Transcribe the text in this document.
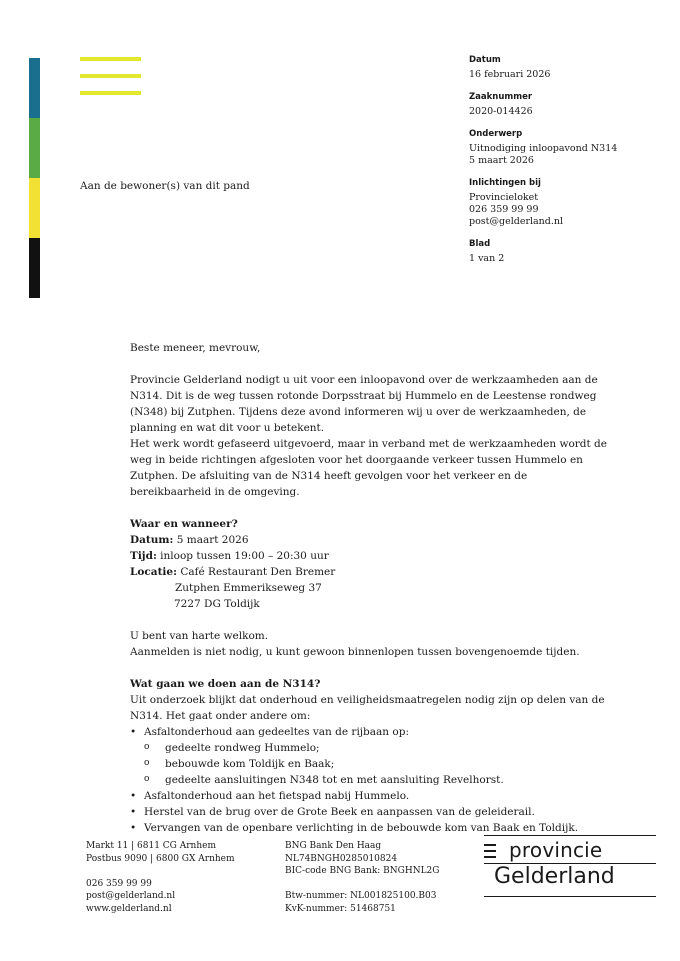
Datum
16 februari 2026
Zaaknummer
2020-014426
Onderwerp
Uitnodiging inloopavond N314
5 maart 2026
Inlichtingen bij
Provincieloket
026 359 99 99
post@gelderland.nl
Blad
1 van 2
Aan de bewoner(s) van dit pand

Beste meneer, mevrouw,

Provincie Gelderland nodigt u uit voor een inloopavond over de werkzaamheden aan de N314. Dit is de weg tussen rotonde Dorpsstraat bij Hummelo en de Leestense rondweg (N348) bij Zutphen. Tijdens deze avond informeren wij u over de werkzaamheden, de planning en wat dit voor u betekent.

Het werk wordt gefaseerd uitgevoerd, maar in verband met de werkzaamheden wordt de weg in beide richtingen afgesloten voor het doorgaande verkeer tussen Hummelo en Zutphen. De afsluiting van de N314 heeft gevolgen voor het verkeer en de bereikbaarheid in de omgeving.

Waar en wanneer?

Datum: 5 maart 2026

Tijd: inloop tussen 19:00 – 20:30 uur

Locatie: Café Restaurant Den Bremer

Zutphen Emmerikseweg 37

7227 DG Toldijk

U bent van harte welkom.

Aanmelden is niet nodig, u kunt gewoon binnenlopen tussen bovengenoemde tijden.

Wat gaan we doen aan de N314?

Uit onderzoek blijkt dat onderhoud en veiligheidsmaatregelen nodig zijn op delen van de N314. Het gaat onder andere om:

• Asfaltonderhoud aan gedeeltes van de rijbaan op:
o gedeelte rondweg Hummelo;
o bebouwde kom Toldijk en Baak;
o gedeelte aansluitingen N348 tot en met aansluiting Revelhorst.
• Asfaltonderhoud aan het fietspad nabij Hummelo.
• Herstel van de brug over de Grote Beek en aanpassen van de geleiderail.
• Vervangen van de openbare verlichting in de bebouwde kom van Baak en Toldijk.
Markt 11 | 6811 CG Arnhem
Postbus 9090 | 6800 GX Arnhem

026 359 99 99
post@gelderland.nl
www.gelderland.nl
BNG Bank Den Haag
NL74BNGH0285010824
BIC-code BNG Bank: BNGHNL2G

Btw-nummer: NL001825100.B03
KvK-nummer: 51468751
provincie
Gelderland
